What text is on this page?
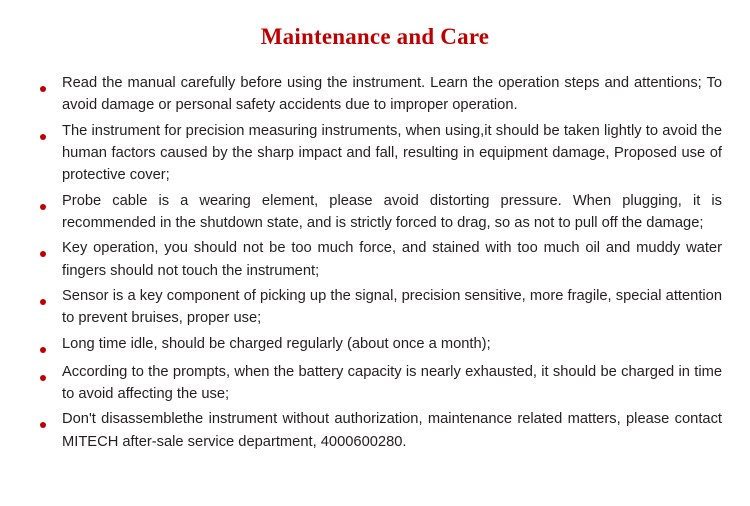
Maintenance and Care
Read the manual carefully before using the instrument. Learn the operation steps and attentions; To avoid damage or personal safety accidents due to improper operation.
The instrument for precision measuring instruments, when using,it should be taken lightly to avoid the human factors caused by the sharp impact and fall, resulting in equipment damage, Proposed use of protective cover;
Probe cable is a wearing element, please avoid distorting pressure. When plugging, it is recommended in the shutdown state, and is strictly forced to drag, so as not to pull off the damage;
Key operation, you should not be too much force, and stained with too much oil and muddy water fingers should not touch the instrument;
Sensor is a key component of picking up the signal, precision sensitive, more fragile, special attention to prevent bruises, proper use;
Long time idle, should be charged regularly (about once a month);
According to the prompts, when the battery capacity is nearly exhausted, it should be charged in time to avoid affecting the use;
Don't disassemblethe instrument without authorization, maintenance related matters, please contact MITECH after-sale service department, 4000600280.
